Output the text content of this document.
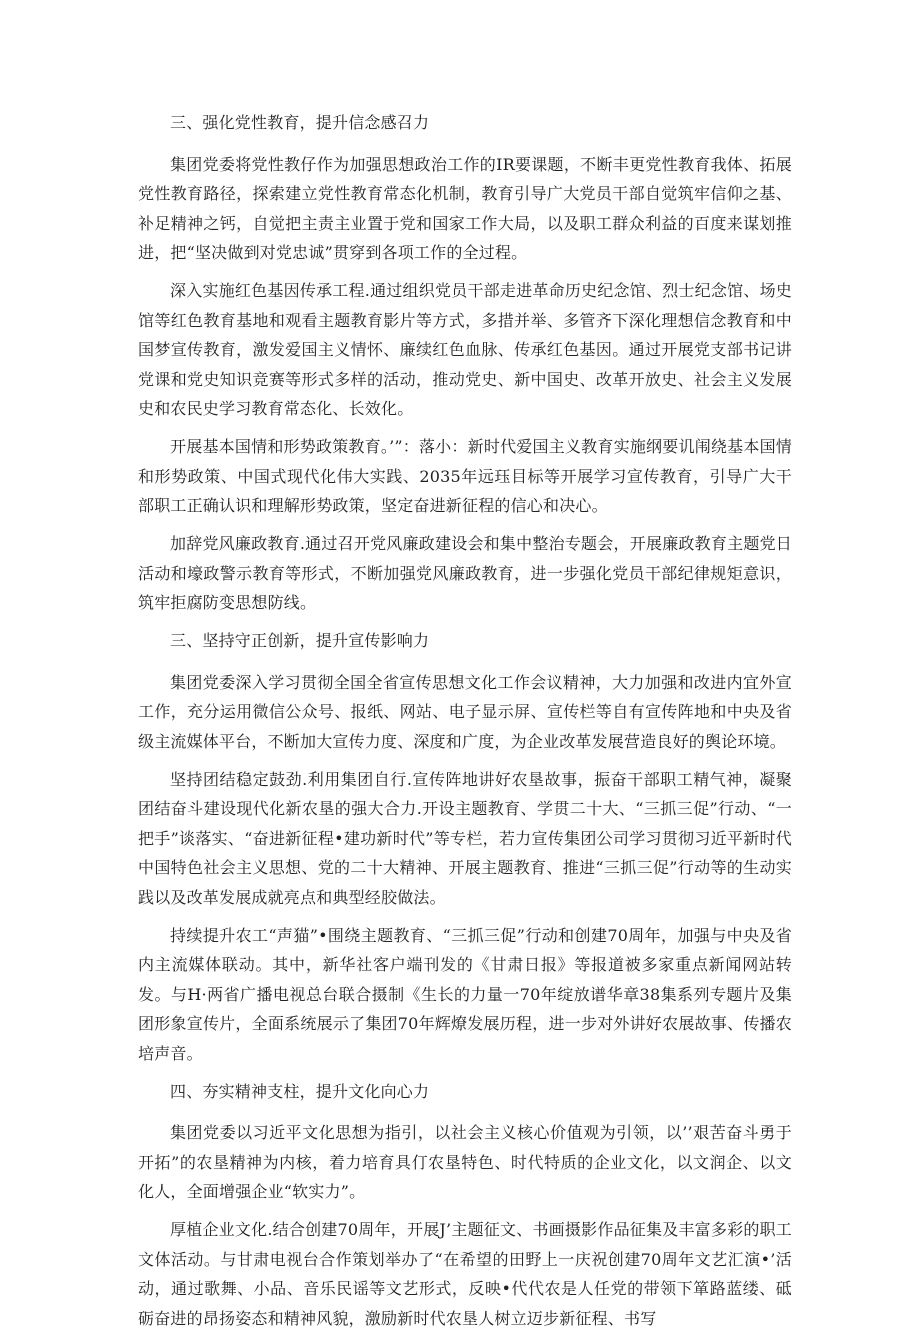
三、强化党性教育，提升信念感召力

集团党委将党性教仔作为加强思想政治工作的IR要课题，不断丰更党性教育我体、拓展党性教育路径，探索建立党性教育常态化机制，教育引导广大党员干部自觉筑牢信仰之基、补足精神之钙，自觉把主责主业置于党和国家工作大局，以及职工群众利益的百度来谋划推进，把“坚决做到对党忠诚”贯穿到各项工作的全过程。

深入实施红色基因传承工程.通过组织党员干部走进革命历史纪念馆、烈士纪念馆、场史馆等红色教育基地和观看主题教育影片等方式，多措并举、多管齐下深化理想信念教育和中国梦宣传教育，激发爱国主义情怀、廉续红色血脉、传承红色基因。通过开展党支部书记讲党课和党史知识竞赛等形式多样的活动，推动党史、新中国史、改革开放史、社会主义发展史和农民史学习教育常态化、长效化。

开展基本国情和形势政策教育。’”：落小：新时代爱国主义教育实施纲要讥闱绕基本国情和形势政策、中国式现代化伟大实践、2035年远珏目标等开展学习宣传教育，引导广大干部职工正确认识和理解形势政策，坚定奋进新征程的信心和决心。

加辞党风廉政教育.通过召开党风廉政建设会和集中整治专题会，开展廉政教育主题党日活动和壕政警示教育等形式，不断加强党风廉政教育，进一步强化党员干部纪律规矩意识，筑牢拒腐防变思想防线。

三、坚持守正创新，提升宣传影响力

集团党委深入学习贯彻全国全省宣传思想文化工作会议精神，大力加强和改进内宜外宣工作，充分运用微信公众号、报纸、网站、电子显示屏、宣传栏等自有宣传阵地和中央及省级主流媒体平台，不断加大宣传力度、深度和广度，为企业改革发展营造良好的舆论环境。

坚持团结稳定鼓劲.利用集团自行.宣传阵地讲好农垦故事，振奋干部职工精气神，凝聚团结奋斗建设现代化新农垦的强大合力.开设主题教育、学贯二十大、“三抓三促”行动、“一把手”谈落实、“奋进新征程•建功新时代”等专栏，若力宣传集团公司学习贯彻习近平新时代中国特色社会主义思想、党的二十大精神、开展主题教育、推进“三抓三促”行动等的生动实践以及改革发展成就亮点和典型经胶做法。

持续提升农工“声猫”•围绕主题教育、“三抓三促”行动和创建70周年，加强与中央及省内主流媒体联动。其中，新华社客户端刊发的《甘肃日报》等报道被多家重点新闻网站转发。与H·两省广播电视总台联合摄制《生长的力量一70年绽放谱华章38集系列专题片及集团形象宣传片，全面系统展示了集团70年辉燎发展历程，进一步对外讲好农展故事、传播农培声音。

四、夯实精神支柱，提升文化向心力

集团党委以习近平文化思想为指引，以社会主义核心价值观为引领，以’’艰苦奋斗勇于开拓”的农垦精神为内核，着力培育具仃农垦特色、时代特质的企业文化，以文润企、以文化人，全面增强企业“软实力”。

厚植企业文化.结合创建70周年，开展J’主题征文、书画摄影作品征集及丰富多彩的职工文体活动。与甘肃电视台合作策划举办了“在希望的田野上一庆祝创建70周年文艺汇演•’活动，通过歌舞、小品、音乐民谣等文艺形式，反映•代代农是人任党的带领下箪路蓝缕、砥砺奋进的昂扬姿态和精神风貌，激励新时代农垦人树立迈步新征程、书写
